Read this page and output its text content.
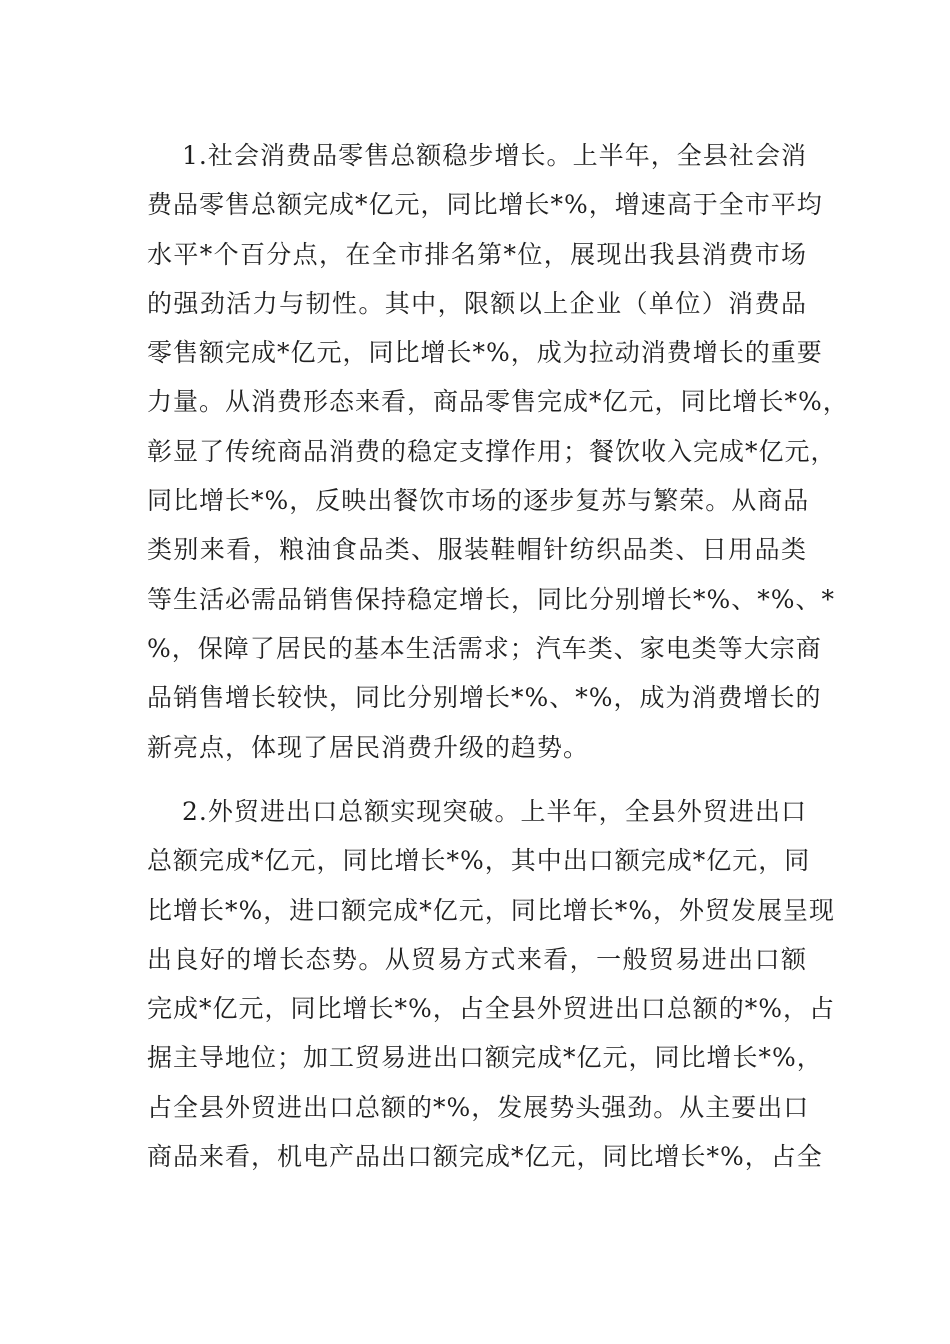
1.社会消费品零售总额稳步增长。上半年，全县社会消
费品零售总额完成*亿元，同比增长*%，增速高于全市平均
水平*个百分点，在全市排名第*位，展现出我县消费市场
的强劲活力与韧性。其中，限额以上企业（单位）消费品
零售额完成*亿元，同比增长*%，成为拉动消费增长的重要
力量。从消费形态来看，商品零售完成*亿元，同比增长*%，
彰显了传统商品消费的稳定支撑作用；餐饮收入完成*亿元，
同比增长*%，反映出餐饮市场的逐步复苏与繁荣。从商品
类别来看，粮油食品类、服装鞋帽针纺织品类、日用品类
等生活必需品销售保持稳定增长，同比分别增长*%、*%、*
%，保障了居民的基本生活需求；汽车类、家电类等大宗商
品销售增长较快，同比分别增长*%、*%，成为消费增长的
新亮点，体现了居民消费升级的趋势。
2.外贸进出口总额实现突破。上半年，全县外贸进出口
总额完成*亿元，同比增长*%，其中出口额完成*亿元，同
比增长*%，进口额完成*亿元，同比增长*%，外贸发展呈现
出良好的增长态势。从贸易方式来看，一般贸易进出口额
完成*亿元，同比增长*%，占全县外贸进出口总额的*%，占
据主导地位；加工贸易进出口额完成*亿元，同比增长*%，
占全县外贸进出口总额的*%，发展势头强劲。从主要出口
商品来看，机电产品出口额完成*亿元，同比增长*%，占全
